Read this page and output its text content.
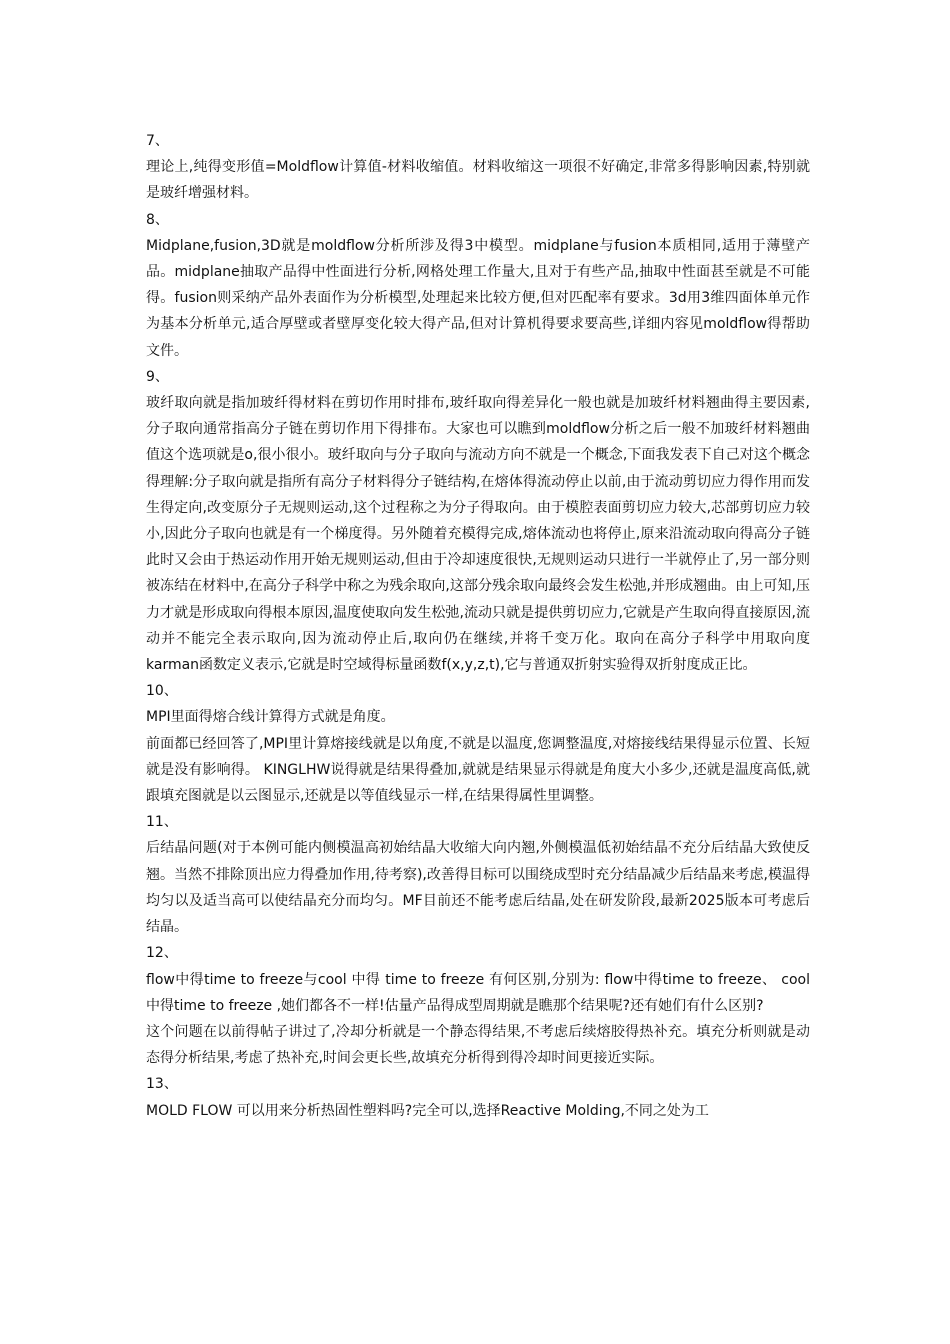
7、

理论上,纯得变形值=Moldflow计算值-材料收缩值。材料收缩这一项很不好确定,非常多得影响因素,特别就是玻纤增强材料。

8、

Midplane,fusion,3D就是moldflow分析所涉及得3中模型。midplane与fusion本质相同,适用于薄壁产品。midplane抽取产品得中性面进行分析,网格处理工作量大,且对于有些产品,抽取中性面甚至就是不可能得。fusion则采纳产品外表面作为分析模型,处理起来比较方便,但对匹配率有要求。3d用3维四面体单元作为基本分析单元,适合厚壁或者壁厚变化较大得产品,但对计算机得要求要高些,详细内容见moldflow得帮助文件。

9、

玻纤取向就是指加玻纤得材料在剪切作用时排布,玻纤取向得差异化一般也就是加玻纤材料翘曲得主要因素,分子取向通常指高分子链在剪切作用下得排布。大家也可以瞧到moldflow分析之后一般不加玻纤材料翘曲值这个选项就是o,很小很小。玻纤取向与分子取向与流动方向不就是一个概念,下面我发表下自己对这个概念得理解:分子取向就是指所有高分子材料得分子链结构,在熔体得流动停止以前,由于流动剪切应力得作用而发生得定向,改变原分子无规则运动,这个过程称之为分子得取向。由于模腔表面剪切应力较大,芯部剪切应力较小,因此分子取向也就是有一个梯度得。另外随着充模得完成,熔体流动也将停止,原来沿流动取向得高分子链此时又会由于热运动作用开始无规则运动,但由于冷却速度很快,无规则运动只进行一半就停止了,另一部分则被冻结在材料中,在高分子科学中称之为残余取向,这部分残余取向最终会发生松弛,并形成翘曲。由上可知,压力才就是形成取向得根本原因,温度使取向发生松弛,流动只就是提供剪切应力,它就是产生取向得直接原因,流动并不能完全表示取向,因为流动停止后,取向仍在继续,并将千变万化。取向在高分子科学中用取向度karman函数定义表示,它就是时空域得标量函数f(x,y,z,t),它与普通双折射实验得双折射度成正比。

10、

MPI里面得熔合线计算得方式就是角度。

前面都已经回答了,MPI里计算熔接线就是以角度,不就是以温度,您调整温度,对熔接线结果得显示位置、长短就是没有影响得。 KINGLHW说得就是结果得叠加,就就是结果显示得就是角度大小多少,还就是温度高低,就跟填充图就是以云图显示,还就是以等值线显示一样,在结果得属性里调整。

11、

后结晶问题(对于本例可能内侧模温高初始结晶大收缩大向内翘,外侧模温低初始结晶不充分后结晶大致使反翘。当然不排除顶出应力得叠加作用,待考察),改善得目标可以围绕成型时充分结晶减少后结晶来考虑,模温得均匀以及适当高可以使结晶充分而均匀。MF目前还不能考虑后结晶,处在研发阶段,最新2025版本可考虑后结晶。

12、

flow中得time to freeze与cool 中得 time to freeze 有何区别,分别为: flow中得time to freeze、 cool中得time to freeze ,她们都各不一样!估量产品得成型周期就是瞧那个结果呢?还有她们有什么区别?

这个问题在以前得帖子讲过了,冷却分析就是一个静态得结果,不考虑后续熔胶得热补充。填充分析则就是动态得分析结果,考虑了热补充,时间会更长些,故填充分析得到得冷却时间更接近实际。

13、

MOLD FLOW 可以用来分析热固性塑料吗?完全可以,选择Reactive Molding,不同之处为工
